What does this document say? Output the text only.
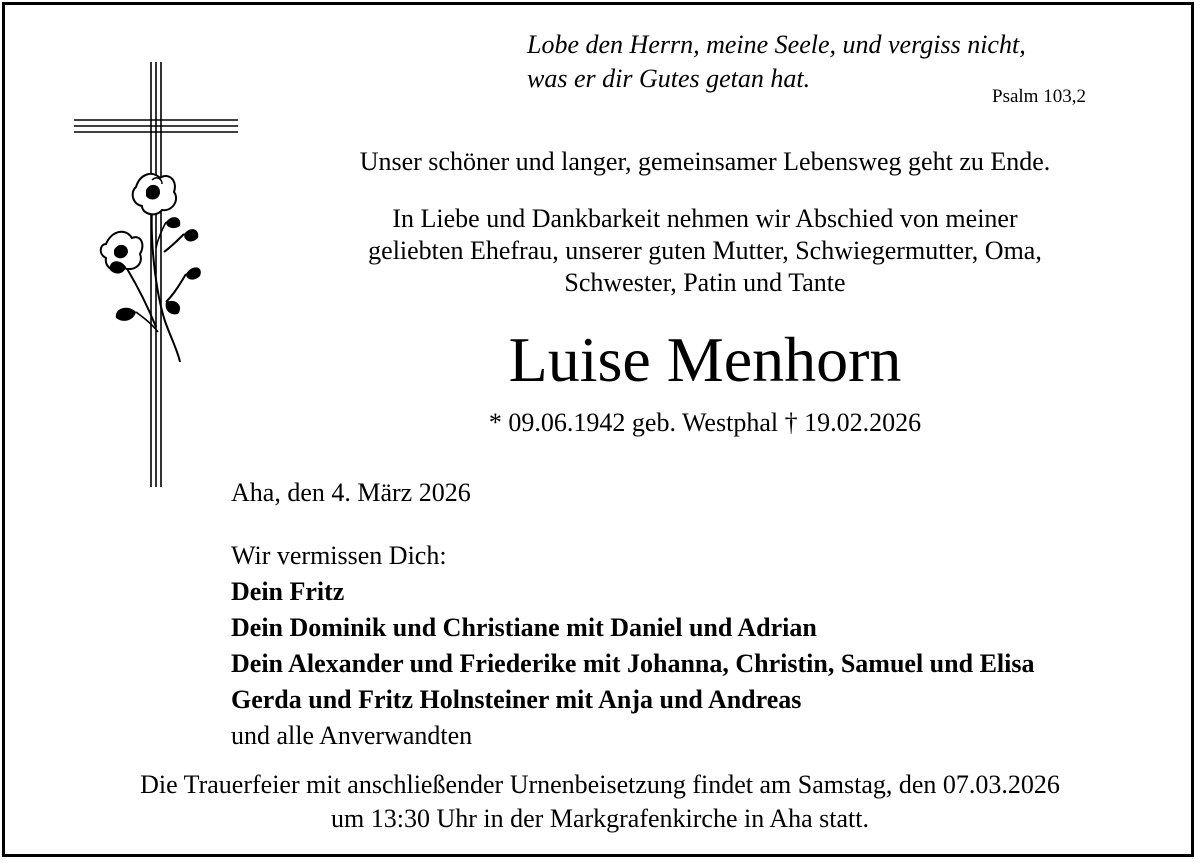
Lobe den Herrn, meine Seele, und vergiss nicht,
was er dir Gutes getan hat.
Psalm 103,2
Unser schöner und langer, gemeinsamer Lebensweg geht zu Ende.
In Liebe und Dankbarkeit nehmen wir Abschied von meiner
geliebten Ehefrau, unserer guten Mutter, Schwiegermutter, Oma,
Schwester, Patin und Tante
Luise Menhorn
* 09.06.1942 geb. Westphal † 19.02.2026
Aha, den 4. März 2026
Wir vermissen Dich:
Dein Fritz
Dein Dominik und Christiane mit Daniel und Adrian
Dein Alexander und Friederike mit Johanna, Christin, Samuel und Elisa
Gerda und Fritz Holnsteiner mit Anja und Andreas
und alle Anverwandten
Die Trauerfeier mit anschließender Urnenbeisetzung findet am Samstag, den 07.03.2026
um 13:30 Uhr in der Markgrafenkirche in Aha statt.
